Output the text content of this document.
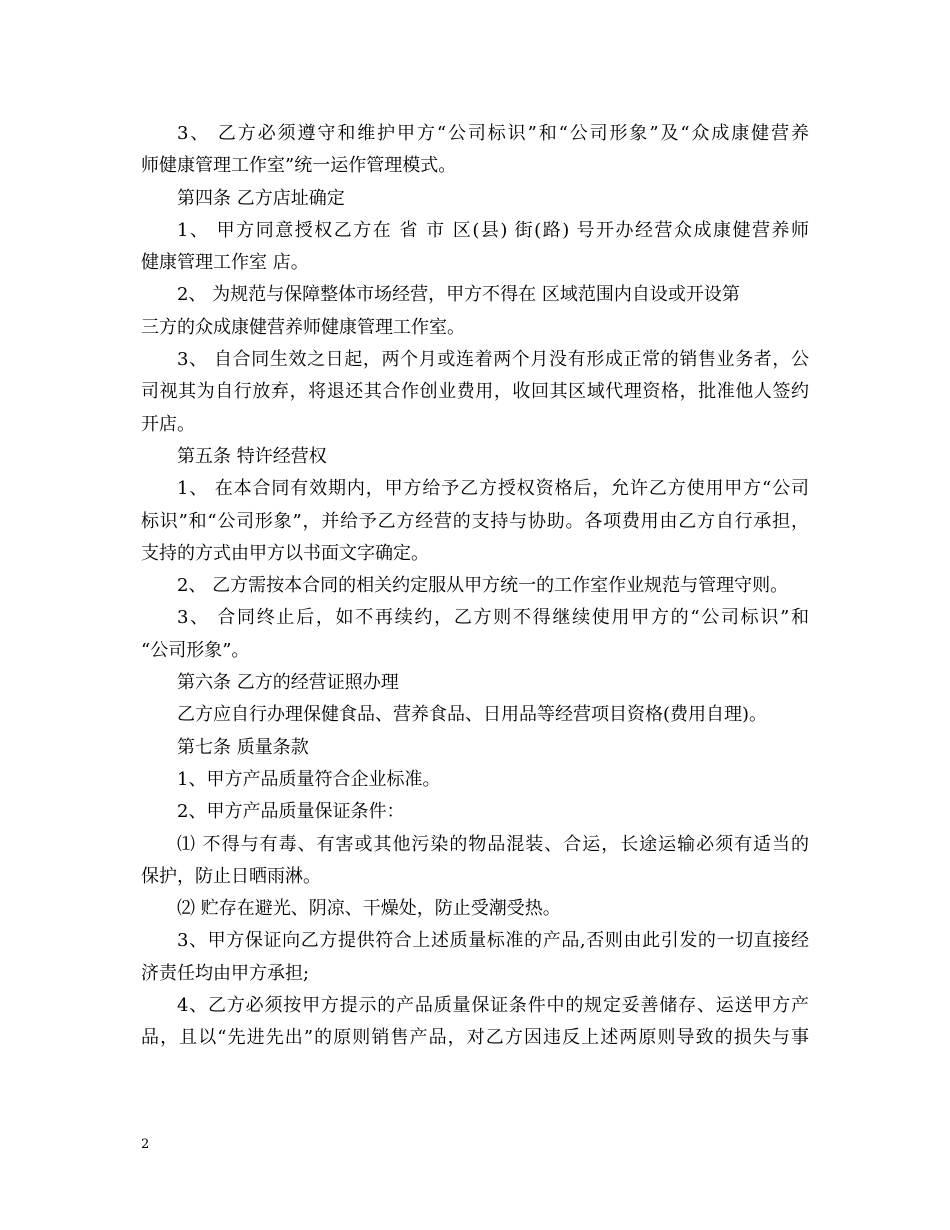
3、 乙方必须遵守和维护甲方“公司标识”和“公司形象”及“众成康健营养
师健康管理工作室”统一运作管理模式。
第四条 乙方店址确定
1、 甲方同意授权乙方在 省 市 区(县) 街(路) 号开办经营众成康健营养师
健康管理工作室 店。
2、 为规范与保障整体市场经营，甲方不得在 区域范围内自设或开设第
三方的众成康健营养师健康管理工作室。
3、 自合同生效之日起，两个月或连着两个月没有形成正常的销售业务者，公
司视其为自行放弃，将退还其合作创业费用，收回其区域代理资格，批准他人签约
开店。
第五条 特许经营权
1、 在本合同有效期内，甲方给予乙方授权资格后，允许乙方使用甲方“公司
标识”和“公司形象”，并给予乙方经营的支持与协助。各项费用由乙方自行承担，
支持的方式由甲方以书面文字确定。
2、 乙方需按本合同的相关约定服从甲方统一的工作室作业规范与管理守则。
3、 合同终止后，如不再续约，乙方则不得继续使用甲方的“公司标识”和
“公司形象”。
第六条 乙方的经营证照办理
乙方应自行办理保健食品、营养食品、日用品等经营项目资格(费用自理)。
第七条 质量条款
1、甲方产品质量符合企业标准。
2、甲方产品质量保证条件：
⑴ 不得与有毒、有害或其他污染的物品混装、合运，长途运输必须有适当的
保护，防止日晒雨淋。
⑵ 贮存在避光、阴凉、干燥处，防止受潮受热。
3、甲方保证向乙方提供符合上述质量标准的产品,否则由此引发的一切直接经
济责任均由甲方承担;
4、乙方必须按甲方提示的产品质量保证条件中的规定妥善储存、运送甲方产
品，且以“先进先出”的原则销售产品，对乙方因违反上述两原则导致的损失与事
2
